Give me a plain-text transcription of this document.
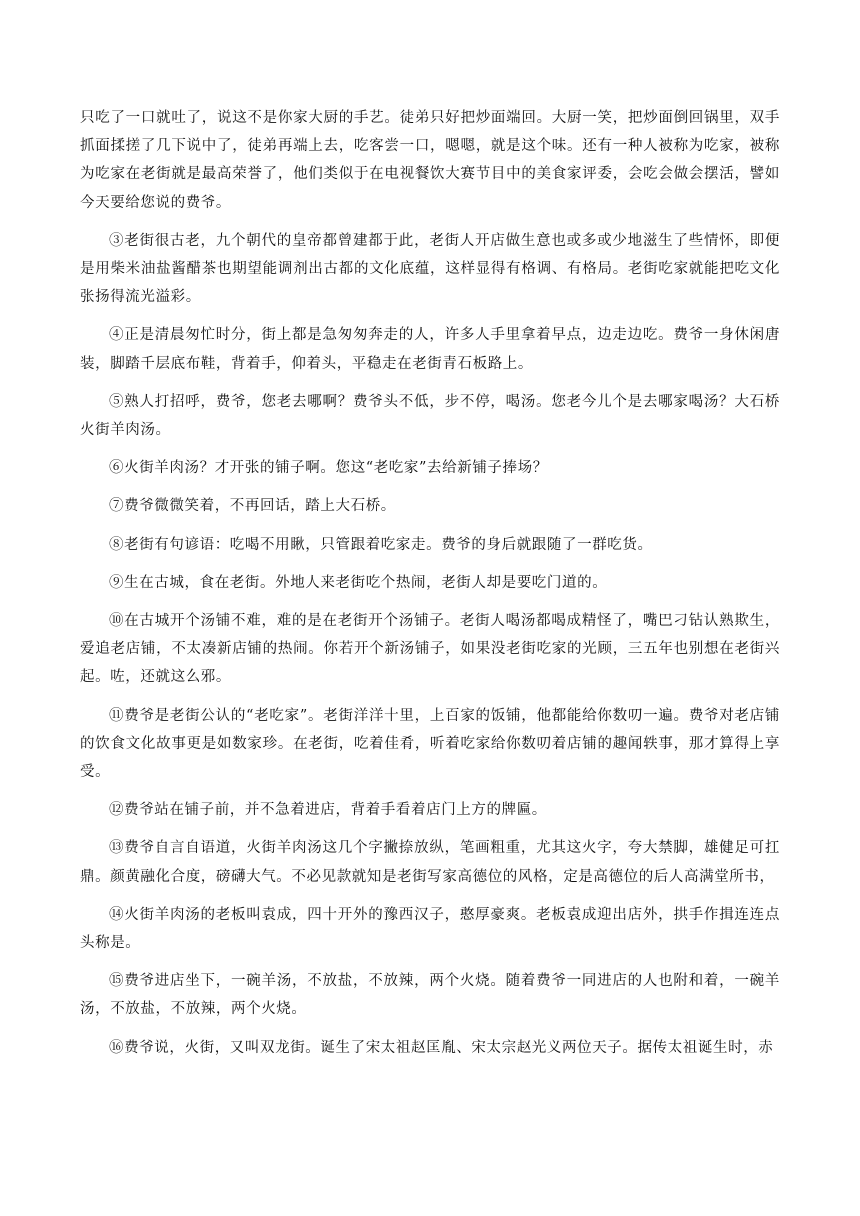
只吃了一口就吐了，说这不是你家大厨的手艺。徒弟只好把炒面端回。大厨一笑，把炒面倒回锅里，双手抓面揉搓了几下说中了，徒弟再端上去，吃客尝一口，嗯嗯，就是这个味。还有一种人被称为吃家，被称为吃家在老街就是最高荣誉了，他们类似于在电视餐饮大赛节目中的美食家评委，会吃会做会摆活，譬如今天要给您说的费爷。

③老街很古老，九个朝代的皇帝都曾建都于此，老街人开店做生意也或多或少地滋生了些情怀，即便是用柴米油盐酱醋茶也期望能调剂出古都的文化底蕴，这样显得有格调、有格局。老街吃家就能把吃文化张扬得流光溢彩。

④正是清晨匆忙时分，街上都是急匆匆奔走的人，许多人手里拿着早点，边走边吃。费爷一身休闲唐装，脚踏千层底布鞋，背着手，仰着头，平稳走在老街青石板路上。

⑤熟人打招呼，费爷，您老去哪啊？费爷头不低，步不停，喝汤。您老今儿个是去哪家喝汤？大石桥火街羊肉汤。

⑥火街羊肉汤？才开张的铺子啊。您这“老吃家”去给新铺子捧场？

⑦费爷微微笑着，不再回话，踏上大石桥。

⑧老街有句谚语：吃喝不用瞅，只管跟着吃家走。费爷的身后就跟随了一群吃货。

⑨生在古城，食在老街。外地人来老街吃个热闹，老街人却是要吃门道的。

⑩在古城开个汤铺不难，难的是在老街开个汤铺子。老街人喝汤都喝成精怪了，嘴巴刁钻认熟欺生，爱追老店铺，不太凑新店铺的热闹。你若开个新汤铺子，如果没老街吃家的光顾，三五年也别想在老街兴起。咗，还就这么邪。

⑪费爷是老街公认的“老吃家”。老街洋洋十里，上百家的饭铺，他都能给你数叨一遍。费爷对老店铺的饮食文化故事更是如数家珍。在老街，吃着佳肴，听着吃家给你数叨着店铺的趣闻轶事，那才算得上享受。

⑫费爷站在铺子前，并不急着进店，背着手看着店门上方的牌匾。

⑬费爷自言自语道，火街羊肉汤这几个字撇捺放纵，笔画粗重，尤其这火字，夸大禁脚，雄健足可扛鼎。颜黄融化合度，磅礴大气。不必见款就知是老街写家高德位的风格，定是高德位的后人高满堂所书，

⑭火街羊肉汤的老板叫袁成，四十开外的豫西汉子，憨厚豪爽。老板袁成迎出店外，拱手作揖连连点头称是。

⑮费爷进店坐下，一碗羊汤，不放盐，不放辣，两个火烧。随着费爷一同进店的人也附和着，一碗羊汤，不放盐，不放辣，两个火烧。

⑯费爷说，火街，又叫双龙街。诞生了宋太祖赵匡胤、宋太宗赵光义两位天子。据传太祖诞生时，赤
